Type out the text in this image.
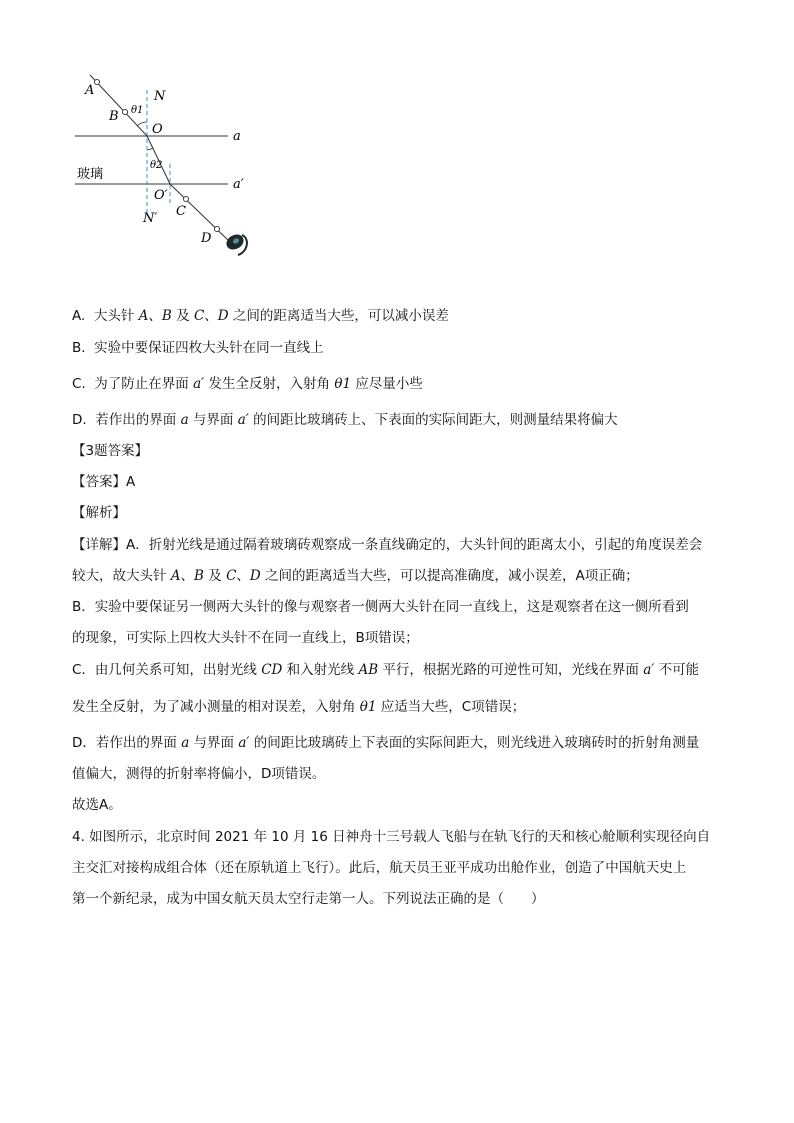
A
B
N
θ1
O	a
玻璃
θ2
O′
a′
N′ C
D
A.  大头针 A、B 及 C、D 之间的距离适当大些，可以减小误差
B.  实验中要保证四枚大头针在同一直线上
C.  为了防止在界面 a′ 发生全反射，入射角 θ1 应尽量小些
D.  若作出的界面 a 与界面 a′ 的间距比玻璃砖上、下表面的实际间距大，则测量结果将偏大
【3题答案】
【答案】A
【解析】
【详解】A．折射光线是通过隔着玻璃砖观察成一条直线确定的，大头针间的距离太小，引起的角度误差会
较大，故大头针 A、B 及 C、D 之间的距离适当大些，可以提高准确度，减小误差，A项正确；
B．实验中要保证另一侧两大头针的像与观察者一侧两大头针在同一直线上，这是观察者在这一侧所看到
的现象，可实际上四枚大头针不在同一直线上，B项错误；
C．由几何关系可知，出射光线 CD 和入射光线 AB 平行，根据光路的可逆性可知，光线在界面 a′ 不可能
发生全反射，为了减小测量的相对误差，入射角 θ1 应适当大些，C项错误；
D．若作出的界面 a 与界面 a′ 的间距比玻璃砖上下表面的实际间距大，则光线进入玻璃砖时的折射角测量
值偏大，测得的折射率将偏小，D项错误。
故选A。
4. 如图所示，北京时间 2021 年 10 月 16 日神舟十三号载人飞船与在轨飞行的天和核心舱顺利实现径向自
主交汇对接构成组合体（还在原轨道上飞行）。此后，航天员王亚平成功出舱作业，创造了中国航天史上
第一个新纪录，成为中国女航天员太空行走第一人。下列说法正确的是（　　）
